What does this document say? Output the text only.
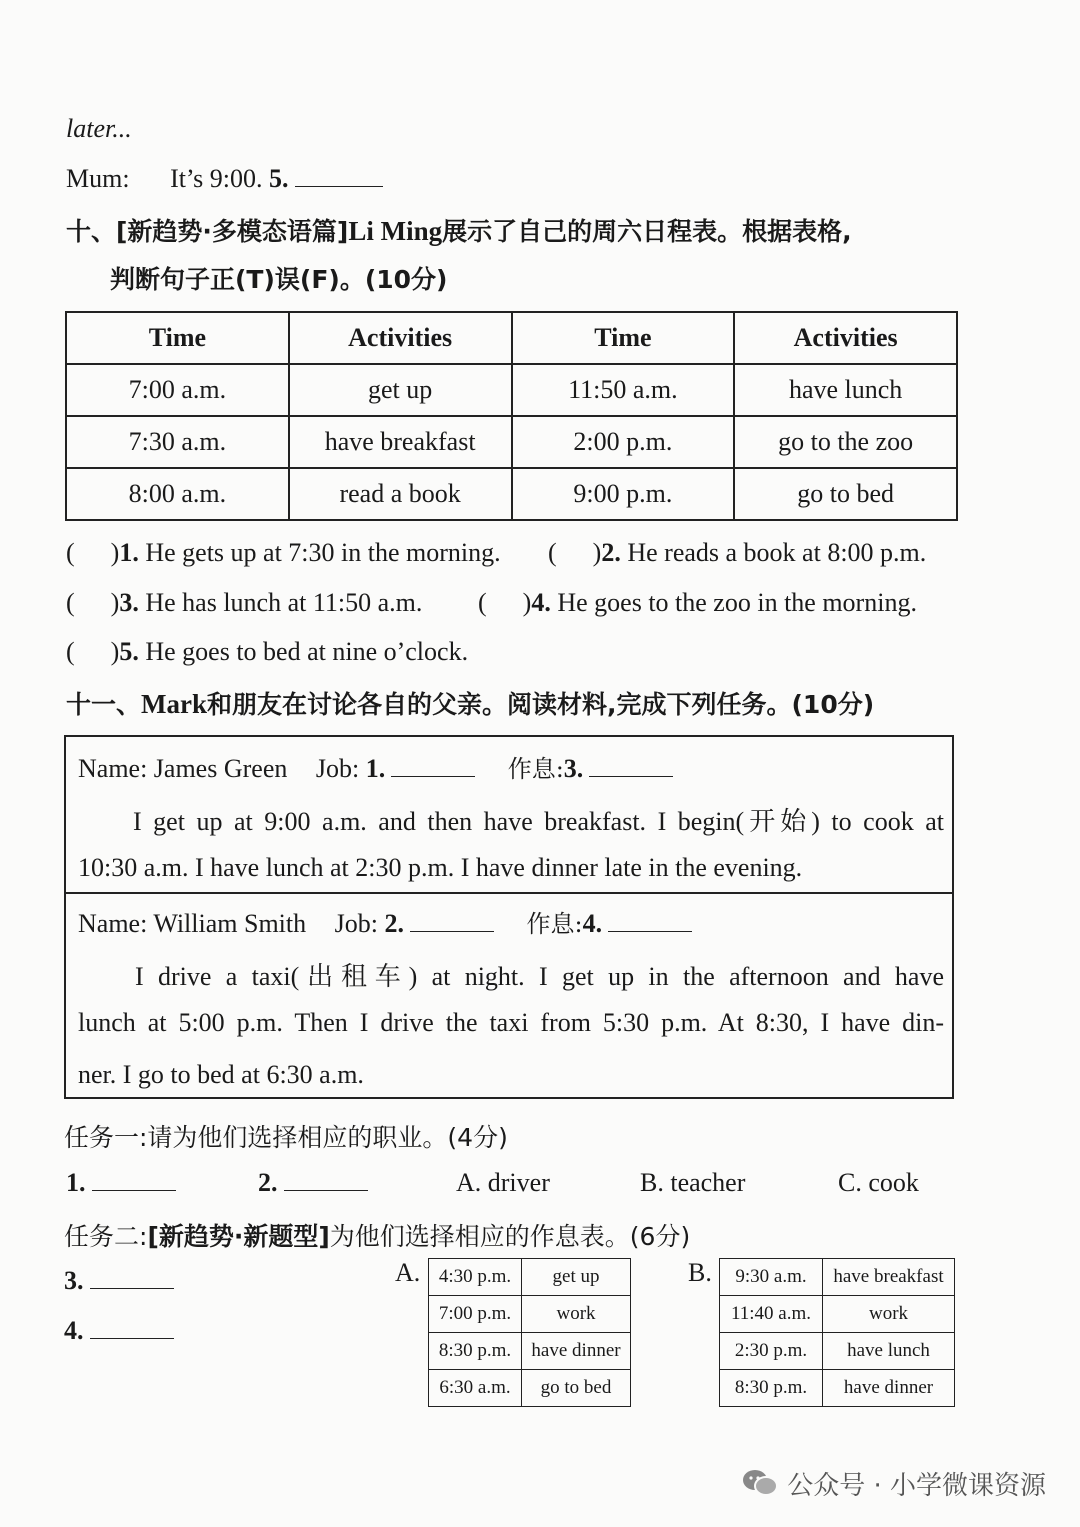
later...
Mum: It’s 9:00. 5.
十、[新趋势·多模态语篇]Li Ming展示了自己的周六日程表。根据表格,
判断句子正(T)误(F)。(10分)
Time	Activities	Time	Activities
7:00 a.m.	get up	11:50 a.m.	have lunch
7:30 a.m.	have breakfast	2:00 p.m.	go to the zoo
8:00 a.m.	read a book	9:00 p.m.	go to bed
( )1. He gets up at 7:30 in the morning. ( )2. He reads a book at 8:00 p.m.
( )3. He has lunch at 11:50 a.m. ( )4. He goes to the zoo in the morning.
( )5. He goes to bed at nine o’clock.
十一、Mark和朋友在讨论各自的父亲。阅读材料,完成下列任务。(10分)
Name: James Green Job: 1.	作息:3.
I get up at 9:00 a.m. and then have breakfast. I begin(开始) to cook at
10:30 a.m. I have lunch at 2:30 p.m. I have dinner late in the evening.
Name: William Smith Job: 2.	作息:4.
I drive a taxi(出租车) at night. I get up in the afternoon and have
lunch at 5:00 p.m. Then I drive the taxi from 5:30 p.m. At 8:30, I have din-
ner. I go to bed at 6:30 a.m.
任务一:请为他们选择相应的职业。(4分)
1.	2.	A. driver	B. teacher	C. cook
任务二:[新趋势·新题型]为他们选择相应的作息表。(6分)
3.
4.
A. 4:30 p.m.	get up
7:00 p.m.	work
8:30 p.m.	have dinner
6:30 a.m.	go to bed
B. 9:30 a.m.	have breakfast
11:40 a.m.	work
2:30 p.m.	have lunch
8:30 p.m.	have dinner
公众号 · 小学微课资源
